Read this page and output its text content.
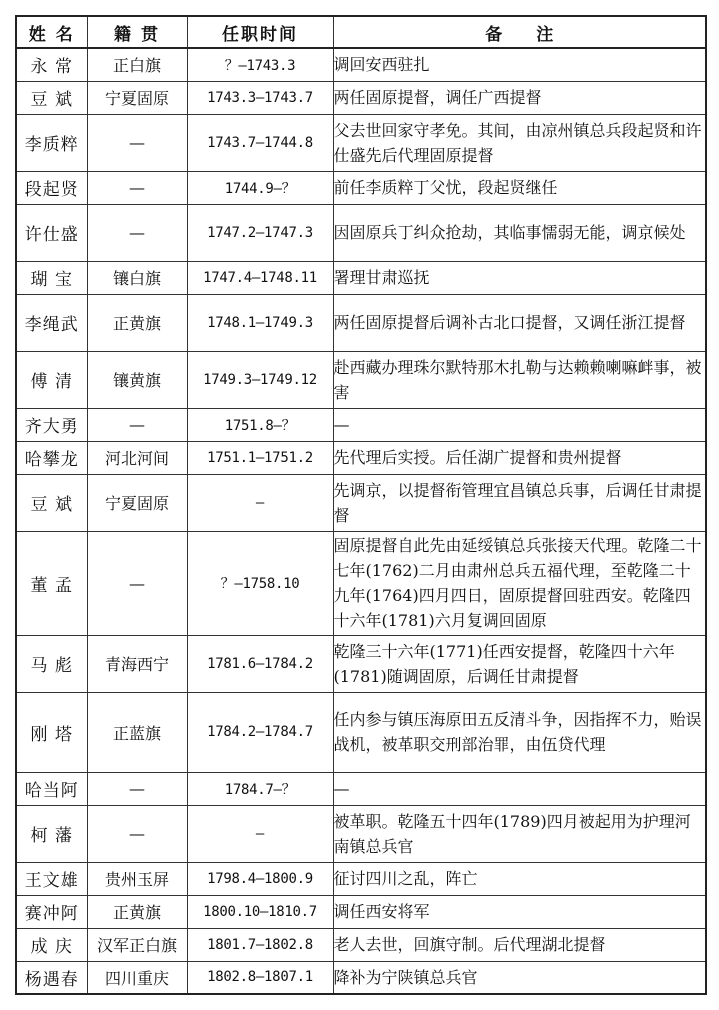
姓 名	籍 贯	任职时间	备　　注
永 常	正白旗	？—1743.3	调回安西驻扎
豆 斌	宁夏固原	1743.3—1743.7	两任固原提督，调任广西提督
李质粹	—	1743.7—1744.8	父去世回家守孝免。其间，由凉州镇总兵段起贤和许仕盛先后代理固原提督
段起贤	—	1744.9—？	前任李质粹丁父忧，段起贤继任
许仕盛	—	1747.2—1747.3	因固原兵丁纠众抢劫，其临事懦弱无能，调京候处
瑚 宝	镶白旗	1747.4—1748.11	署理甘肃巡抚
李绳武	正黄旗	1748.1—1749.3	两任固原提督后调补古北口提督，又调任浙江提督
傅 清	镶黄旗	1749.3—1749.12	赴西藏办理珠尔默特那木扎勒与达赖赖喇嘛衅事，被害
齐大勇	—	1751.8—？	—
哈攀龙	河北河间	1751.1—1751.2	先代理后实授。后任湖广提督和贵州提督
豆 斌	宁夏固原	—	先调京，以提督衔管理宜昌镇总兵事，后调任甘肃提督
董 孟	—	？—1758.10	固原提督自此先由延绥镇总兵张接天代理。乾隆二十七年(1762)二月由肃州总兵五福代理，至乾隆二十九年(1764)四月四日，固原提督回驻西安。乾隆四十六年(1781)六月复调回固原
马 彪	青海西宁	1781.6—1784.2	乾隆三十六年(1771)任西安提督，乾隆四十六年(1781)随调固原，后调任甘肃提督
刚 塔	正蓝旗	1784.2—1784.7	任内参与镇压海原田五反清斗争，因指挥不力，贻误战机，被革职交刑部治罪，由伍贷代理
哈当阿	—	1784.7—？	—
柯 藩	—	—	被革职。乾隆五十四年(1789)四月被起用为护理河南镇总兵官
王文雄	贵州玉屏	1798.4—1800.9	征讨四川之乱，阵亡
赛冲阿	正黄旗	1800.10—1810.7	调任西安将军
成 庆	汉军正白旗	1801.7—1802.8	老人去世，回旗守制。后代理湖北提督
杨遇春	四川重庆	1802.8—1807.1	降补为宁陕镇总兵官
